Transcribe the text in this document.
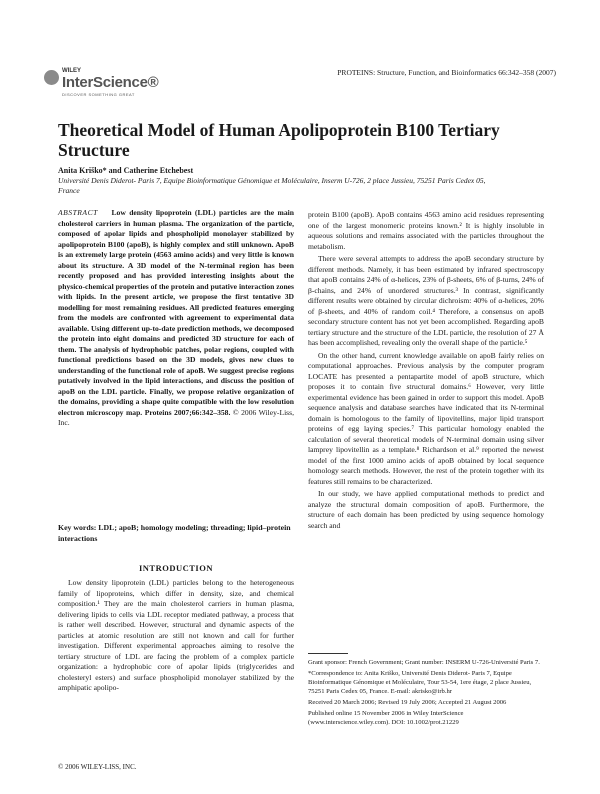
WILEY
InterScience®
DISCOVER SOMETHING GREAT
PROTEINS: Structure, Function, and Bioinformatics 66:342–358 (2007)
Theoretical Model of Human Apolipoprotein B100 Tertiary Structure
Anita Kriško* and Catherine Etchebest
Université Denis Diderot- Paris 7, Equipe Bioinformatique Génomique et Moléculaire, Inserm U-726, 2 place Jussieu, 75251 Paris Cedex 05, France
ABSTRACT Low density lipoprotein (LDL) particles are the main cholesterol carriers in human plasma. The organization of the particle, composed of apolar lipids and phospholipid monolayer stabilized by apolipoprotein B100 (apoB), is highly complex and still unknown. ApoB is an extremely large protein (4563 amino acids) and very little is known about its structure. A 3D model of the N-terminal region has been recently proposed and has provided interesting insights about the physico-chemical properties of the protein and putative interaction zones with lipids. In the present article, we propose the first tentative 3D modelling for most remaining residues. All predicted features emerging from the models are confronted with agreement to experimental data available. Using different up-to-date prediction methods, we decomposed the protein into eight domains and predicted 3D structure for each of them. The analysis of hydrophobic patches, polar regions, coupled with functional predictions based on the 3D models, gives new clues to understanding of the functional role of apoB. We suggest precise regions putatively involved in the lipid interactions, and discuss the position of apoB on the LDL particle. Finally, we propose relative organization of the domains, providing a shape quite compatible with the low resolution electron microscopy map. Proteins 2007;66:342–358. © 2006 Wiley-Liss, Inc.
Key words: LDL; apoB; homology modeling; threading; lipid–protein interactions
INTRODUCTION

Low density lipoprotein (LDL) particles belong to the heterogeneous family of lipoproteins, which differ in density, size, and chemical composition.¹ They are the main cholesterol carriers in human plasma, delivering lipids to cells via LDL receptor mediated pathway, a process that is rather well described. However, structural and dynamic aspects of the particles at atomic resolution are still not known and call for further investigation. Different experimental approaches aiming to resolve the tertiary structure of LDL are facing the problem of a complex particle organization: a hydrophobic core of apolar lipids (triglycerides and cholesteryl esters) and surface phospholipid monolayer stabilized by the amphipatic apolipo-

© 2006 WILEY-LISS, INC.

protein B100 (apoB). ApoB contains 4563 amino acid residues representing one of the largest monomeric proteins known.² It is highly insoluble in aqueous solutions and remains associated with the particles throughout the metabolism.

There were several attempts to address the apoB secondary structure by different methods. Namely, it has been estimated by infrared spectroscopy that apoB contains 24% of α-helices, 23% of β-sheets, 6% of β-turns, 24% of β-chains, and 24% of unordered structures.³ In contrast, significantly different results were obtained by circular dichroism: 40% of α-helices, 20% of β-sheets, and 40% of random coil.⁴ Therefore, a consensus on apoB secondary structure content has not yet been accomplished. Regarding apoB tertiary structure and the structure of the LDL particle, the resolution of 27 Å has been accomplished, revealing only the overall shape of the particle.⁵

On the other hand, current knowledge available on apoB fairly relies on computational approaches. Previous analysis by the computer program LOCATE has presented a pentapartite model of apoB structure, which proposes it to contain five structural domains.⁶ However, very little experimental evidence has been gained in order to support this model. ApoB sequence analysis and database searches have indicated that its N-terminal domain is homologous to the family of lipovitellins, major lipid transport proteins of egg laying species.⁷ This particular homology enabled the calculation of several theoretical models of N-terminal domain using silver lamprey lipovitellin as a template.⁸ Richardson et al.⁹ reported the newest model of the first 1000 amino acids of apoB obtained by local sequence homology search methods. However, the rest of the protein together with its features still remains to be characterized.

In our study, we have applied computational methods to predict and analyze the structural domain composition of apoB. Furthermore, the structure of each domain has been predicted by using sequence homology search and

Grant sponsor: French Government; Grant number: INSERM U-726-Université Paris 7.

*Correspondence to: Anita Kriško, Université Denis Diderot- Paris 7, Equipe Bioinformatique Génomique et Moléculaire, Tour 53-54, 1ere étage, 2 place Jussieu, 75251 Paris Cedex 05, France. E-mail: akrisko@irb.hr

Received 20 March 2006; Revised 19 July 2006; Accepted 21 August 2006

Published online 15 November 2006 in Wiley InterScience (www.interscience.wiley.com). DOI: 10.1002/prot.21229
